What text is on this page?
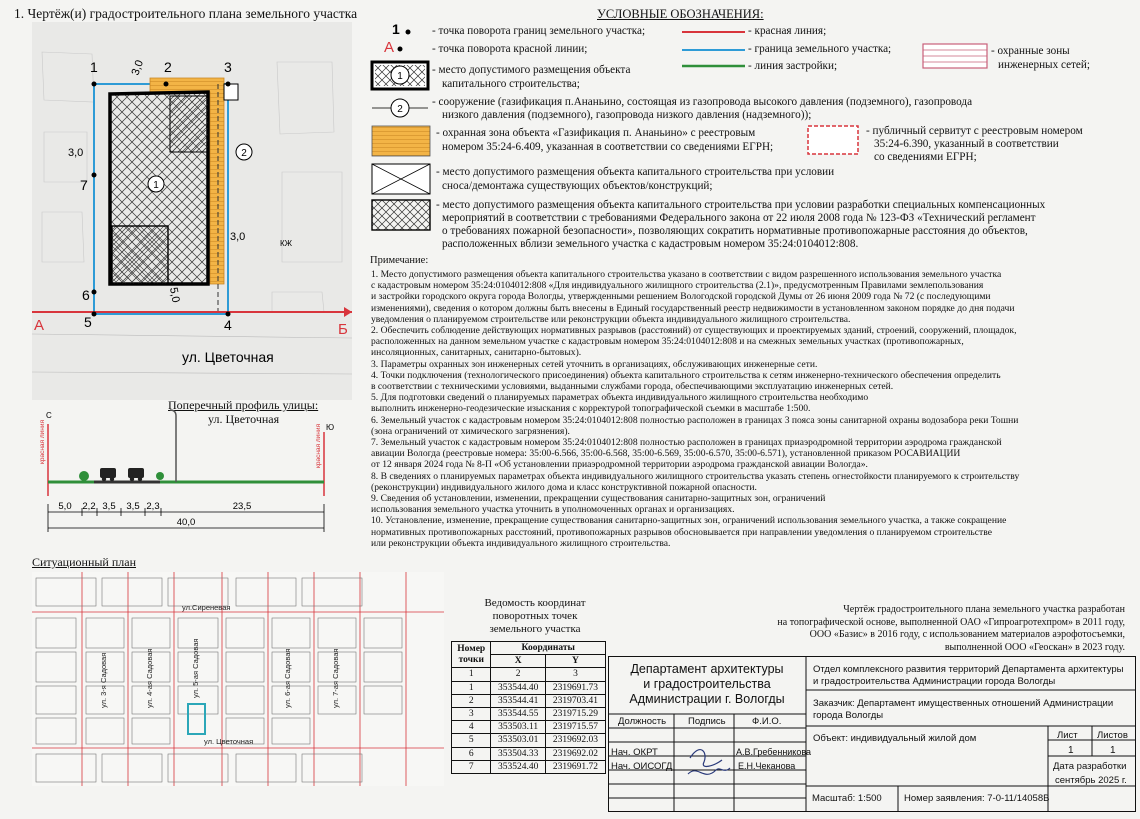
1. Чертёж(и) градостроительного плана земельного участка
1
2
1	2	3
4
5
6
7
А	Б
3,0
3,0
3,0
5,0
КЖ
ул. Цветочная
УСЛОВНЫЕ ОБОЗНАЧЕНИЯ:
1
А
1
2
- точка поворота границ земельного участка;
- точка поворота красной линии;
- красная линия;
- граница земельного участка;
- линия застройки;
- охранные зоны
инженерных сетей;
- место допустимого размещения объекта
капитального строительства;
- сооружение (газификация п.Ананьино, состоящая из газопровода высокого давления (подземного), газопровода
низкого давления (подземного), газопровода низкого давления (надземного));
- охранная зона объекта «Газификация п. Ананьино» с реестровым
номером 35:24-6.409, указанная в соответствии со сведениями ЕГРН;
- публичный сервитут с реестровым номером
35:24-6.390, указанный в соответствии
со сведениями ЕГРН;
- место допустимого размещения объекта капитального строительства при условии
сноса/демонтажа существующих объектов/конструкций;
- место допустимого размещения объекта капитального строительства при условии разработки специальных компенсационных
мероприятий в соответствии с требованиями Федерального закона от 22 июля 2008 года № 123-ФЗ «Технический регламент
о требованиях пожарной безопасности», позволяющих сократить нормативные противопожарные расстояния до объектов,
расположенных вблизи земельного участка с кадастровым номером 35:24:0104012:808.
Примечание:
1. Место допустимого размещения объекта капитального строительства указано в соответствии с видом разрешенного использования земельного участка
с кадастровым номером 35:24:0104012:808 «Для индивидуального жилищного строительства (2.1)», предусмотренным Правилами землепользования
и застройки городского округа города Вологды, утвержденными решением Вологодской городской Думы от 26 июня 2009 года № 72 (с последующими
изменениями), сведения о котором должны быть внесены в Единый государственный реестр недвижимости в установленном законом порядке до дня подачи
уведомления о планируемом строительстве или реконструкции объекта индивидуального жилищного строительства.
2. Обеспечить соблюдение действующих нормативных разрывов (расстояний) от существующих и проектируемых зданий, строений, сооружений, площадок,
расположенных на данном земельном участке с кадастровым номером 35:24:0104012:808 и на смежных земельных участках (противопожарных,
инсоляционных, санитарных, санитарно-бытовых).
3. Параметры охранных зон инженерных сетей уточнить в организациях, обслуживающих инженерные сети.
4. Точки подключения (технологического присоединения) объекта капитального строительства к сетям инженерно-технического обеспечения определить
в соответствии с техническими условиями, выданными службами города, обеспечивающими эксплуатацию инженерных сетей.
5. Для подготовки сведений о планируемых параметрах объекта индивидуального жилищного строительства необходимо
выполнить инженерно-геодезические изыскания с корректурой топографической съемки в масштабе 1:500.
6. Земельный участок с кадастровым номером 35:24:0104012:808 полностью расположен в границах 3 пояса зоны санитарной охраны водозабора реки Тошни
(зона ограничений от химического загрязнения).
7. Земельный участок с кадастровым номером 35:24:0104012:808 полностью расположен в границах приаэродромной территории аэродрома гражданской
авиации Вологда (реестровые номера: 35:00-6.566, 35:00-6.568, 35:00-6.569, 35:00-6.570, 35:00-6.571), установленной приказом РОСАВИАЦИИ
от 12 января 2024 года № 8-П «Об установлении приаэродромной территории аэродрома гражданской авиации Вологда».
8. В сведениях о планируемых параметрах объекта индивидуального жилищного строительства указать степень огнестойкости планируемого к строительству
(реконструкции) индивидуального жилого дома и класс конструктивной пожарной опасности.
9. Сведения об установлении, изменении, прекращении существования санитарно-защитных зон, ограничений
использования земельного участка уточнить в уполномоченных органах и организациях.
10. Установление, изменение, прекращение существования санитарно-защитных зон, ограничений использования земельного участка, а также сокращение
нормативных противопожарных расстояний, противопожарных разрывов обосновывается при направлении уведомления о планируемом строительстве
или реконструкции объекта индивидуального жилищного строительства.
Поперечный профиль улицы:
ул. Цветочная
С
Ю
красная линия	красная линия
5,0 2,2 3,5 3,5 2,3	23,5
40,0
Ситуационный план
ул.Сиреневая
ул. 3-я Садовая	ул. 4-ая Садовая	ул. 5-ая Садовая	ул. 6-ая Садовая	ул. 7-ая Садовая
ул. Цветочная
Ведомость координат
поворотных точек
земельного участка
Номер
точки	Координаты	
	X	Y
1	2	3
1	353544.40	2319691.73
2	353544.41	2319703.41
3	353544.55	2319715.29
4	353503.11	2319715.57
5	353503.01	2319692.03
6	353504.33	2319692.02
7	353524.40	2319691.72
Чертёж градостроительного плана земельного участка разработан
на топографической основе, выполненной ОАО «Гипроагротехпром» в 2011 году,
ООО «Базис» в 2016 году, с использованием материалов аэрофотосъемки,
выполненной ООО «Геоскан» в 2023 году.
Департамент архитектуры
и градостроительства
Администрации г. Вологды
Должность Подпись	Ф.И.О.
Нач. ОКРТ	А.В.Гребенникова
Нач. ОИСОГД	Е.Н.Чеканова
Отдел комплексного развития территорий Департамента архитектуры
и градостроительства Администрации города Вологды
Заказчик: Департамент имущественных отношений Администрации
города Вологды
Объект: индивидуальный жилой дом	Лист Листов
1	1
Дата разработки
сентябрь 2025 г.
Масштаб: 1:500 Номер заявления: 7-0-11/14058В
